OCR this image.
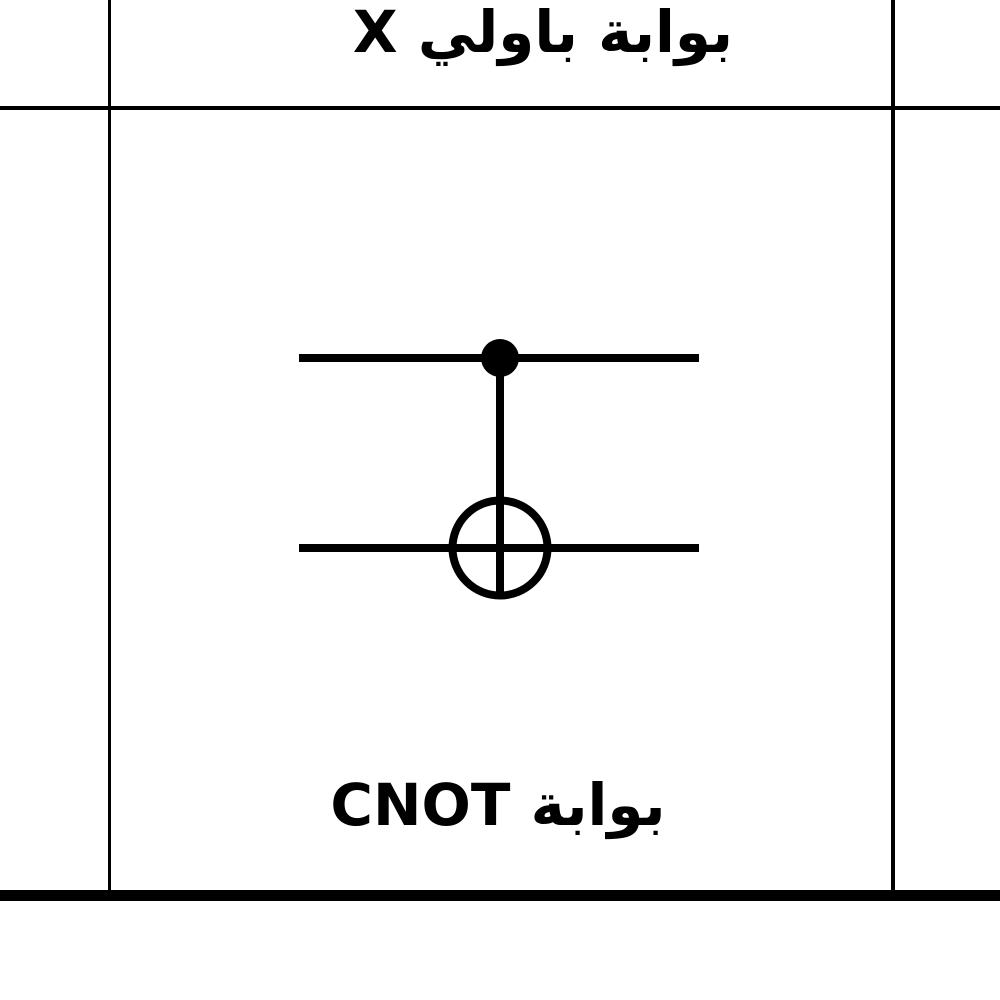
بوابة باولي X
بوابة CNOT
